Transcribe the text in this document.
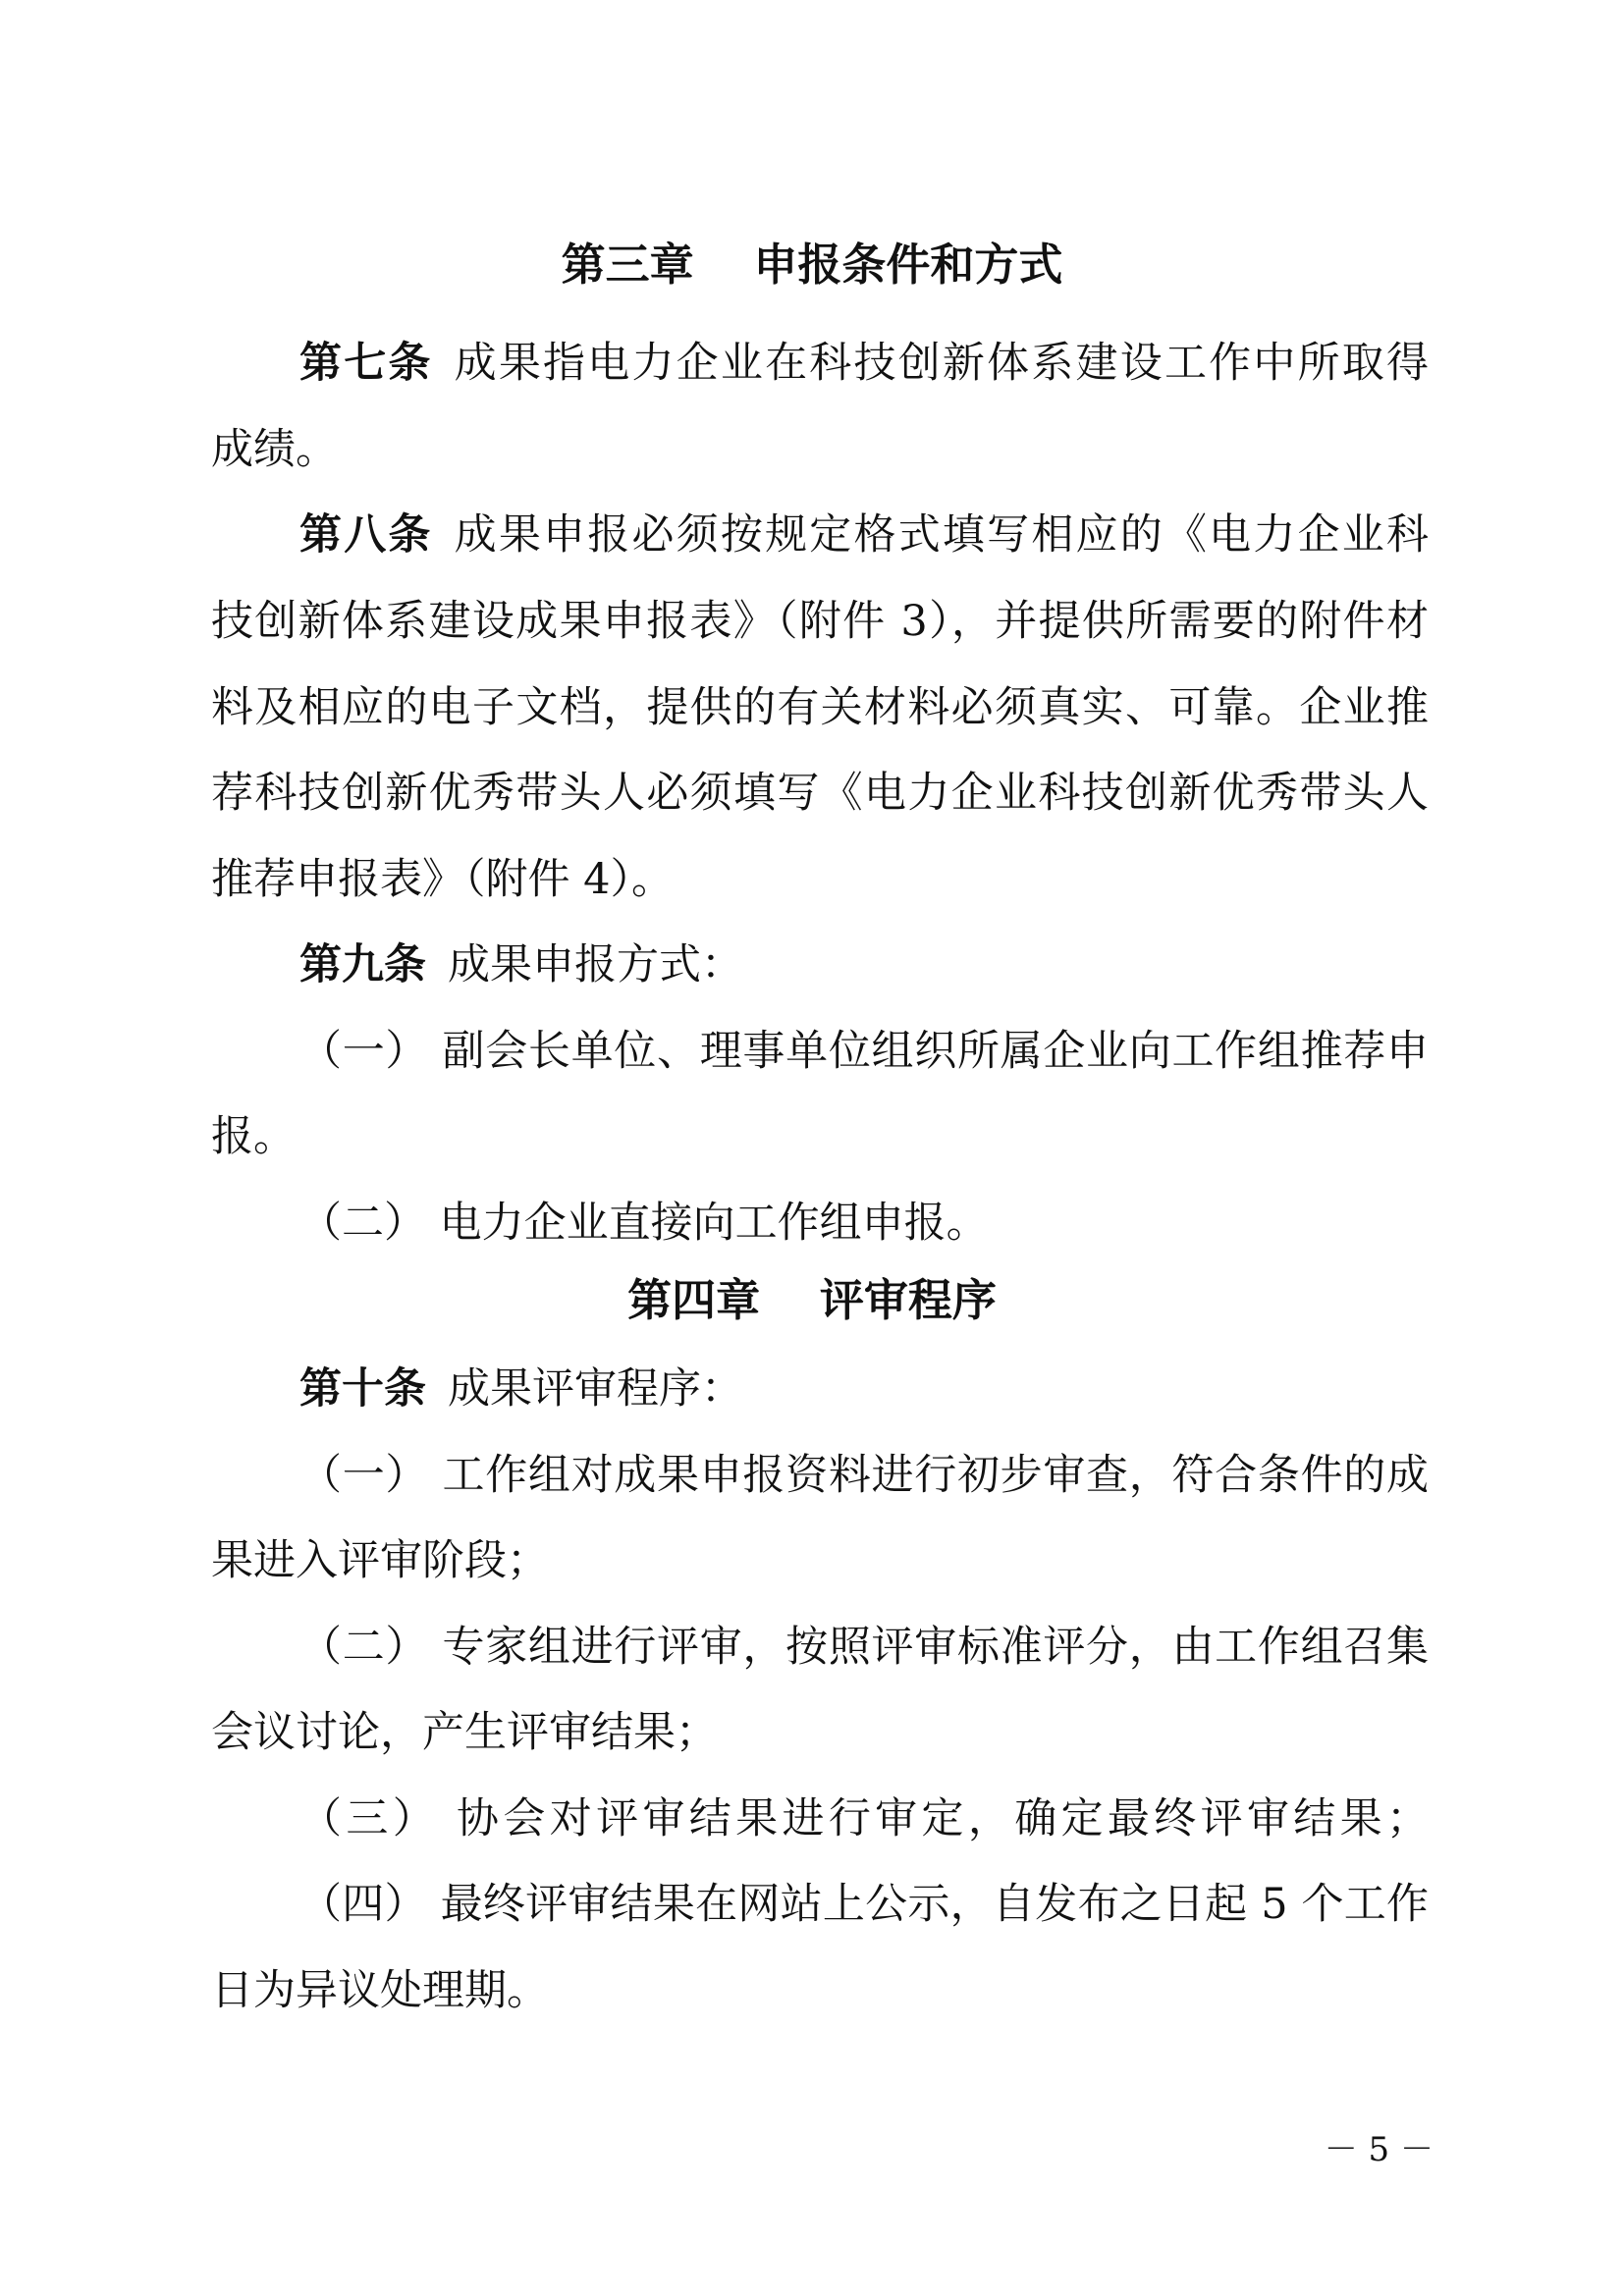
第三章　 申报条件和方式
第七条 成果指电力企业在科技创新体系建设工作中所取得
成绩。
第八条 成果申报必须按规定格式填写相应的《电力企业科
技创新体系建设成果申报表》（附件 3），并提供所需要的附件材
料及相应的电子文档，提供的有关材料必须真实、可靠。企业推
荐科技创新优秀带头人必须填写《电力企业科技创新优秀带头人
推荐申报表》（附件 4）。
第九条 成果申报方式：
（一） 副会长单位、理事单位组织所属企业向工作组推荐申
报。
（二） 电力企业直接向工作组申报。
第四章　 评审程序
第十条 成果评审程序：
（一） 工作组对成果申报资料进行初步审查，符合条件的成
果进入评审阶段；
（二） 专家组进行评审，按照评审标准评分，由工作组召集
会议讨论，产生评审结果；
（三） 协会对评审结果进行审定，确定最终评审结果；
（四） 最终评审结果在网站上公示，自发布之日起 5 个工作
日为异议处理期。
－ 5 －
